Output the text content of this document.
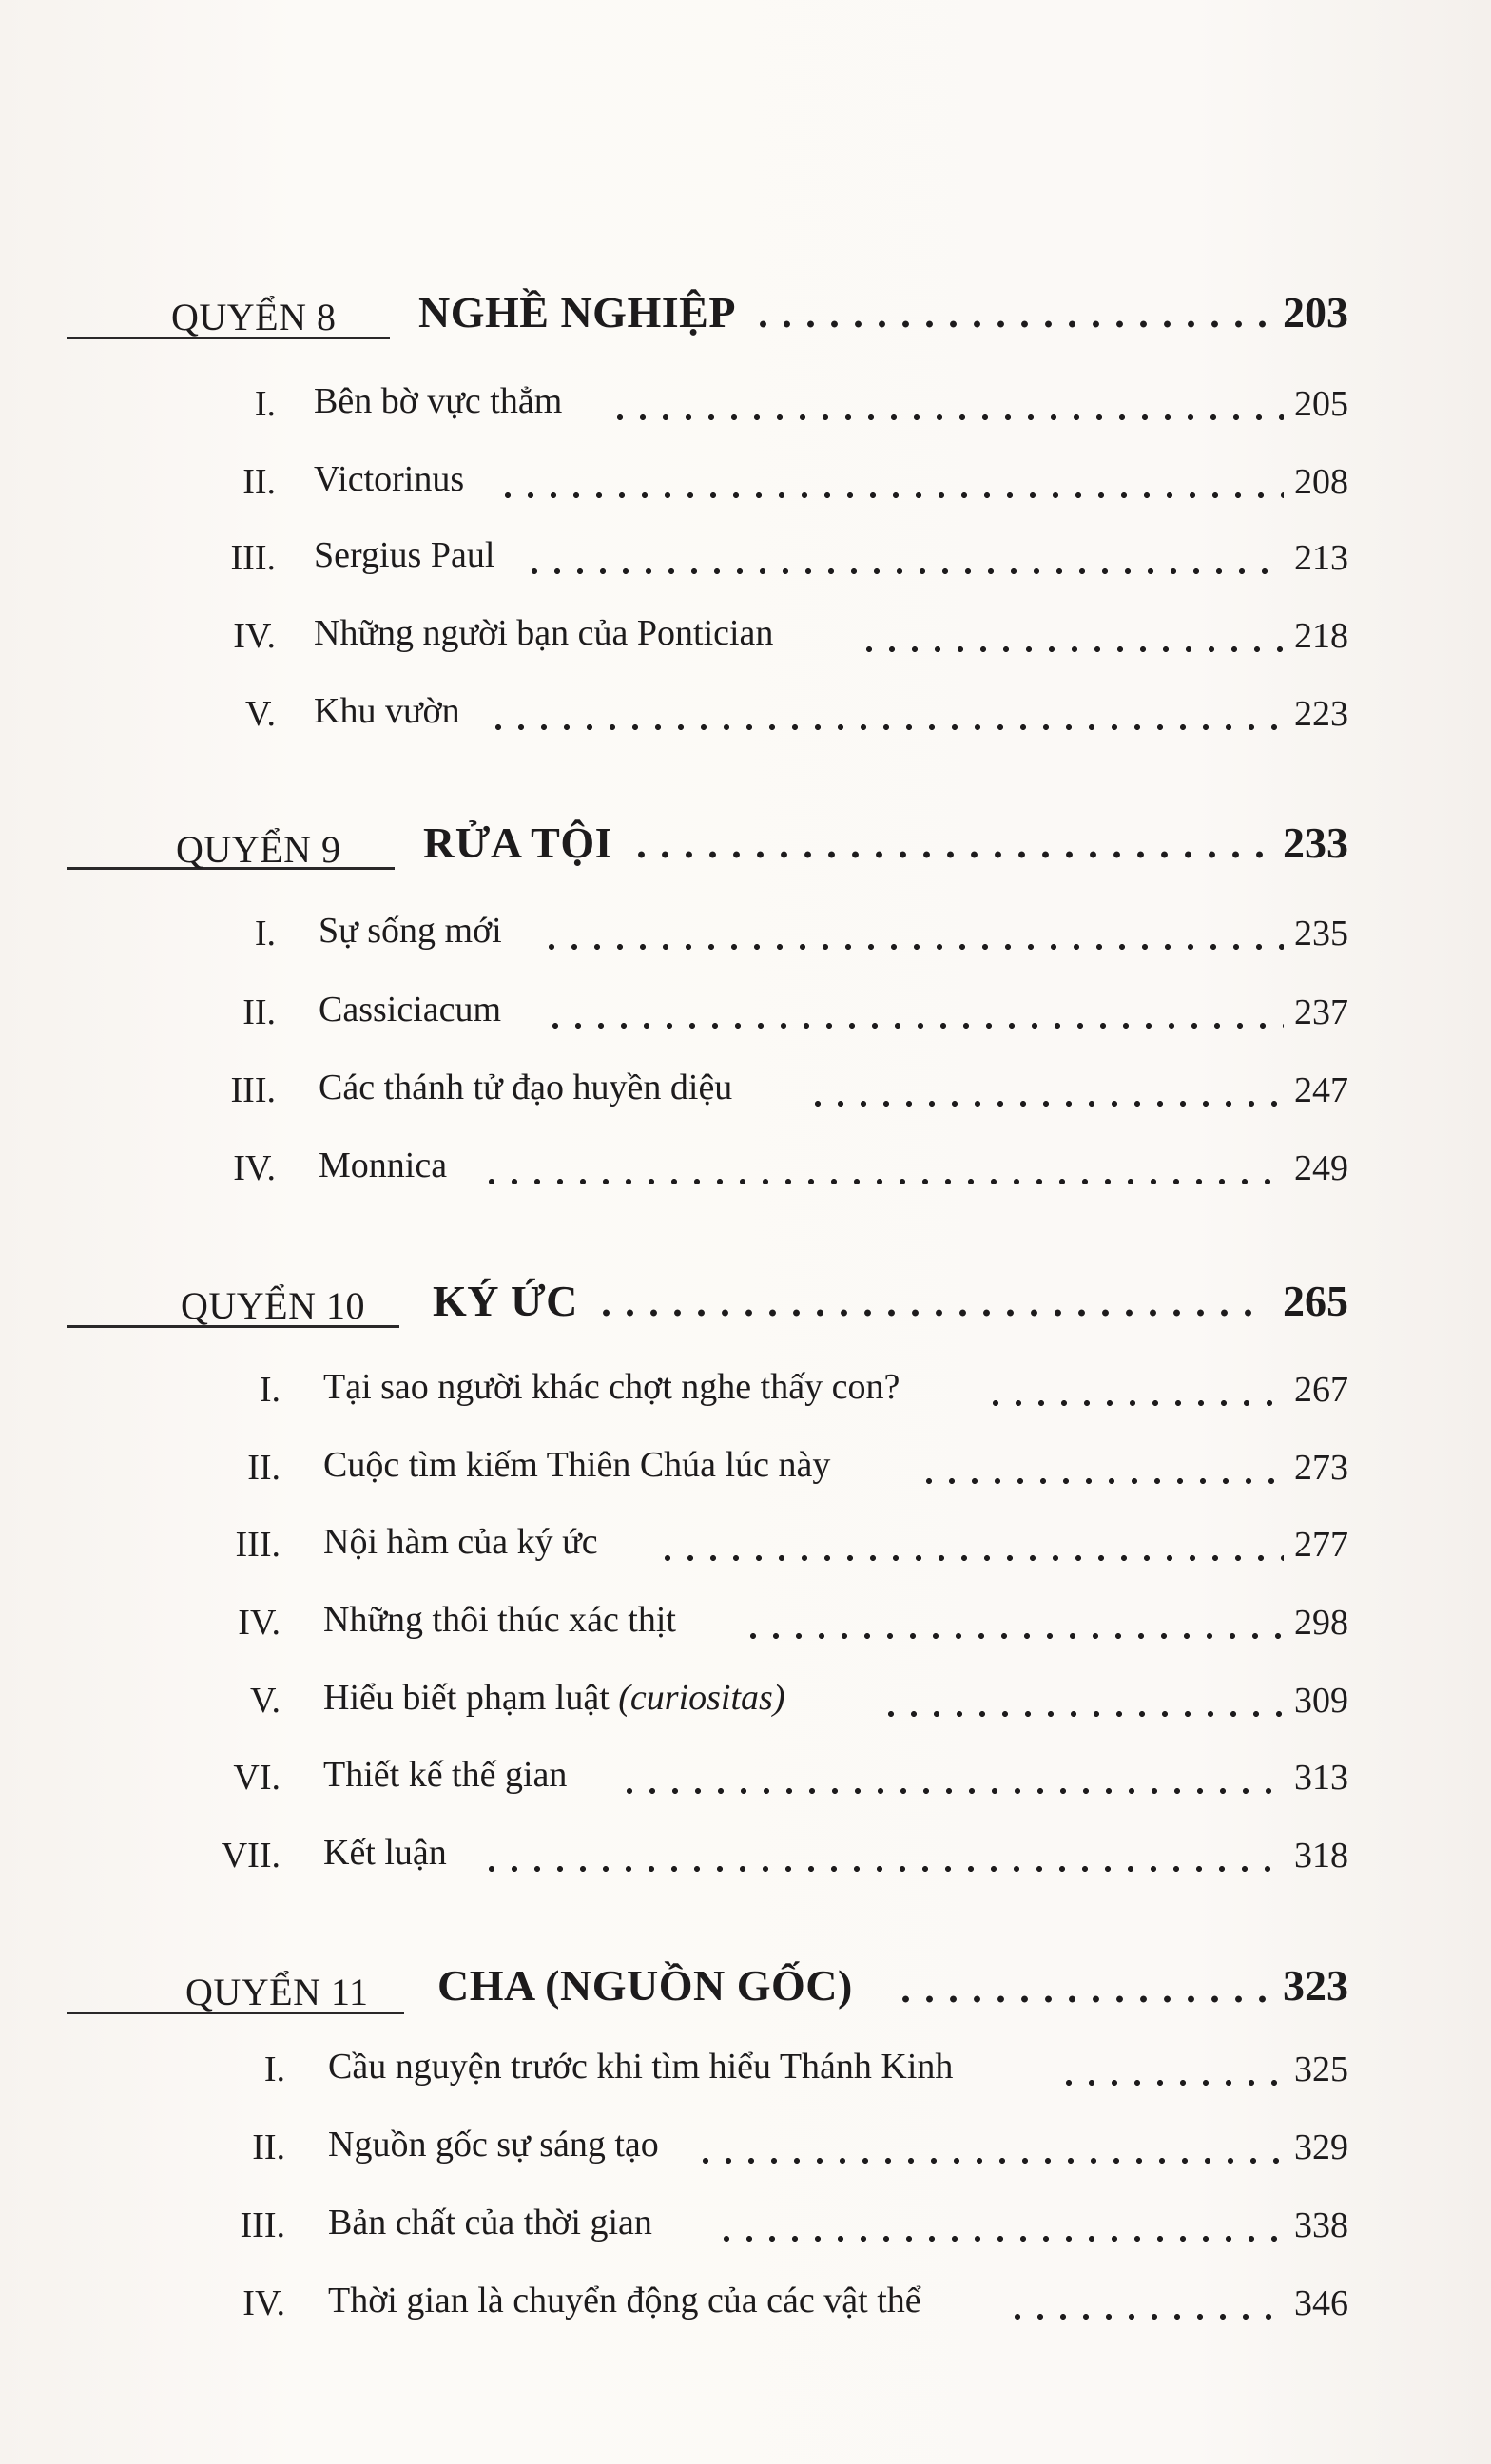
QUYỂN 8 NGHỀ NGHIỆP	203
I. Bên bờ vực thẳm	205
II. Victorinus	208
III. Sergius Paul	213
IV. Những người bạn của Pontician	218
V. Khu vườn	223
QUYỂN 9 RỬA TỘI	233
I. Sự sống mới	235
II. Cassiciacum	237
III. Các thánh tử đạo huyền diệu	247
IV. Monnica	249
QUYỂN 10 KÝ ỨC	265
I. Tại sao người khác chợt nghe thấy con?	267
II. Cuộc tìm kiếm Thiên Chúa lúc này	273
III. Nội hàm của ký ức	277
IV. Những thôi thúc xác thịt	298
V. Hiểu biết phạm luật (curiositas)	309
VI. Thiết kế thế gian	313
VII. Kết luận	318
QUYỂN 11 CHA (NGUỒN GỐC)	323
I. Cầu nguyện trước khi tìm hiểu Thánh Kinh	325
II. Nguồn gốc sự sáng tạo	329
III. Bản chất của thời gian	338
IV. Thời gian là chuyển động của các vật thể	346
